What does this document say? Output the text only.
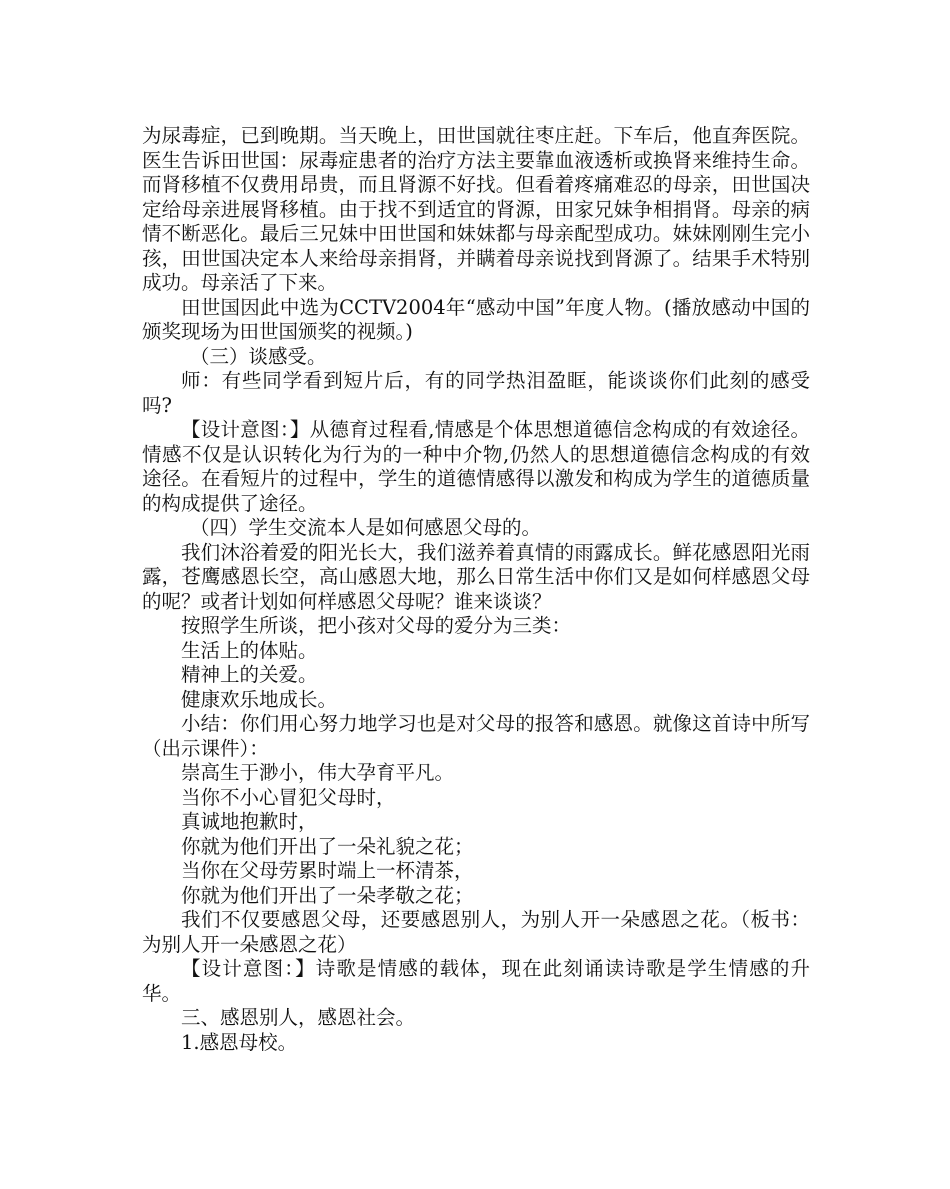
为尿毒症，已到晚期。当天晚上，田世国就往枣庄赶。下车后，他直奔医院。医生告诉田世国：尿毒症患者的治疗方法主要靠血液透析或换肾来维持生命。而肾移植不仅费用昂贵，而且肾源不好找。但看着疼痛难忍的母亲，田世国决定给母亲进展肾移植。由于找不到适宜的肾源，田家兄妹争相捐肾。母亲的病情不断恶化。最后三兄妹中田世国和妹妹都与母亲配型成功。妹妹刚刚生完小孩，田世国决定本人来给母亲捐肾，并瞒着母亲说找到肾源了。结果手术特别成功。母亲活了下来。

田世国因此中选为CCTV2004年“感动中国”年度人物。(播放感动中国的颁奖现场为田世国颁奖的视频。)

（三）谈感受。

师：有些同学看到短片后，有的同学热泪盈眶，能谈谈你们此刻的感受吗?

【设计意图：】从德育过程看,情感是个体思想道德信念构成的有效途径。情感不仅是认识转化为行为的一种中介物,仍然人的思想道德信念构成的有效途径。在看短片的过程中，学生的道德情感得以激发和构成为学生的道德质量的构成提供了途径。

（四）学生交流本人是如何感恩父母的。

我们沐浴着爱的阳光长大，我们滋养着真情的雨露成长。鲜花感恩阳光雨露，苍鹰感恩长空，高山感恩大地，那么日常生活中你们又是如何样感恩父母的呢？或者计划如何样感恩父母呢？谁来谈谈？

按照学生所谈，把小孩对父母的爱分为三类：

生活上的体贴。

精神上的关爱。

健康欢乐地成长。

小结：你们用心努力地学习也是对父母的报答和感恩。就像这首诗中所写（出示课件）：

崇高生于渺小，伟大孕育平凡。

当你不小心冒犯父母时，

真诚地抱歉时，

你就为他们开出了一朵礼貌之花；

当你在父母劳累时端上一杯清茶，

你就为他们开出了一朵孝敬之花；

我们不仅要感恩父母，还要感恩别人，为别人开一朵感恩之花。（板书：为别人开一朵感恩之花）

【设计意图：】诗歌是情感的载体，现在此刻诵读诗歌是学生情感的升华。

三、感恩别人，感恩社会。

1.感恩母校。
